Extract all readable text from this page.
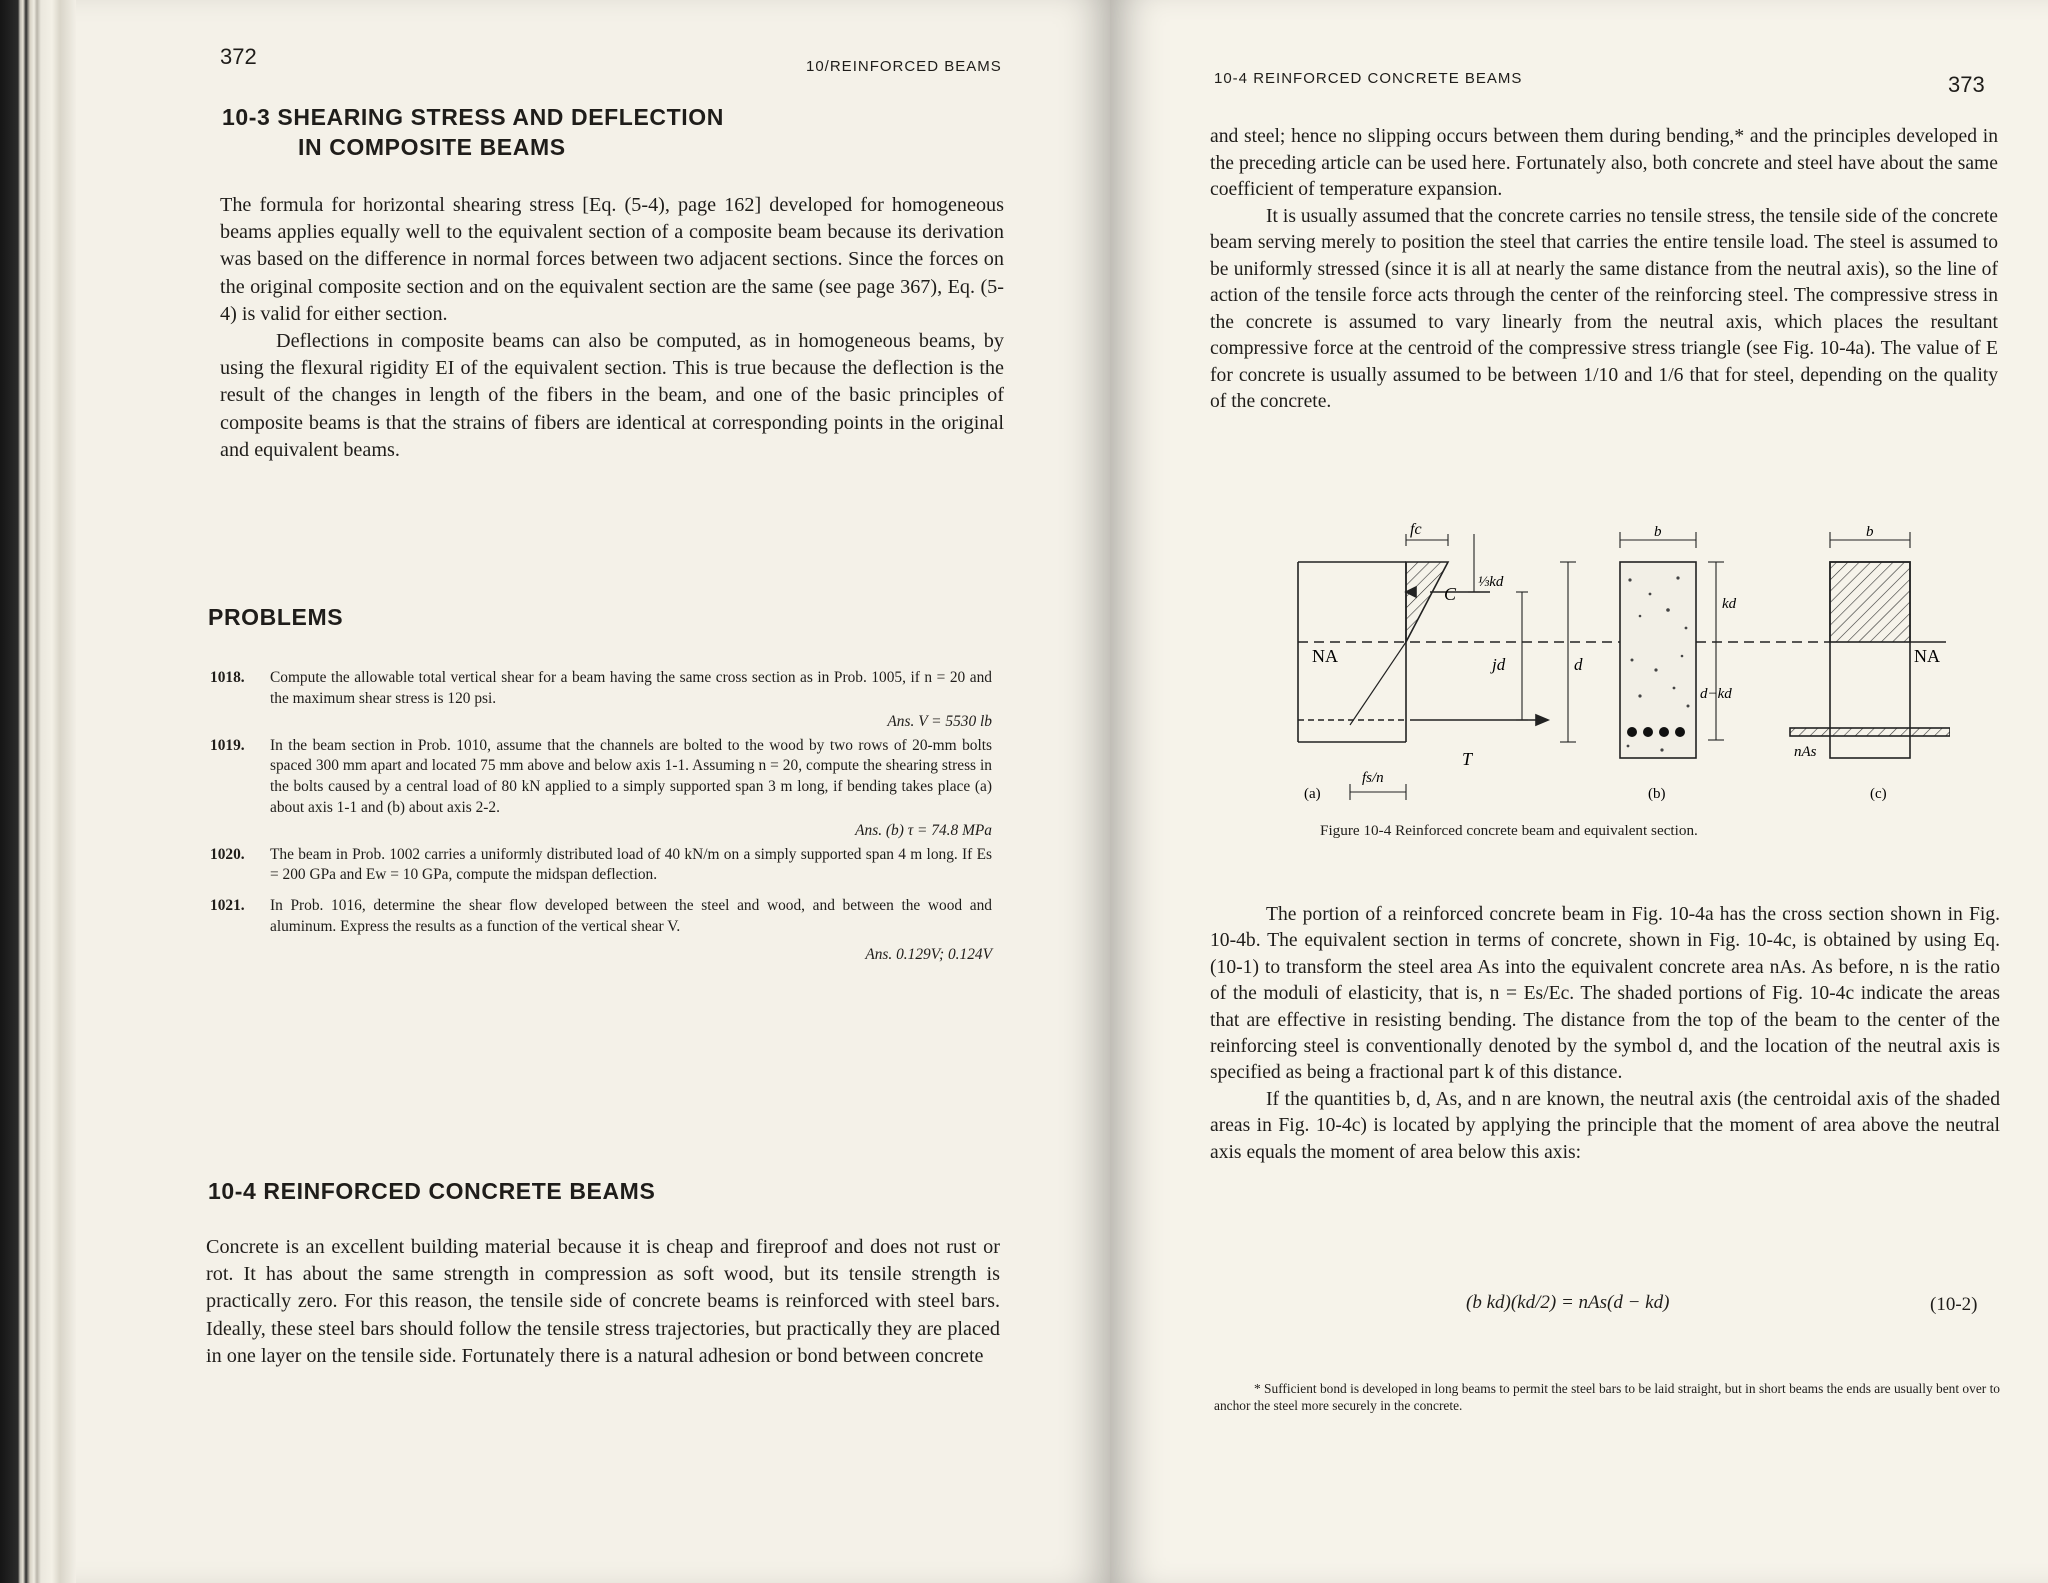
372	10/REINFORCED BEAMS
10-3 SHEARING STRESS AND DEFLECTION
IN COMPOSITE BEAMS

The formula for horizontal shearing stress [Eq. (5-4), page 162] developed for homogeneous beams applies equally well to the equivalent section of a composite beam because its derivation was based on the difference in normal forces between two adjacent sections. Since the forces on the original composite section and on the equivalent section are the same (see page 367), Eq. (5-4) is valid for either section.

Deflections in composite beams can also be computed, as in homogeneous beams, by using the flexural rigidity EI of the equivalent section. This is true because the deflection is the result of the changes in length of the fibers in the beam, and one of the basic principles of composite beams is that the strains of fibers are identical at corresponding points in the original and equivalent beams.

PROBLEMS
1018. Compute the allowable total vertical shear for a beam having the same cross section as in Prob. 1005, if n = 20 and the maximum shear stress is 120 psi.
Ans. V = 5530 lb
1019. In the beam section in Prob. 1010, assume that the channels are bolted to the wood by two rows of 20-mm bolts spaced 300 mm apart and located 75 mm above and below axis 1-1. Assuming n = 20, compute the shearing stress in the bolts caused by a central load of 80 kN applied to a simply supported span 3 m long, if bending takes place (a) about axis 1-1 and (b) about axis 2-2.
Ans. (b) τ = 74.8 MPa
1020. The beam in Prob. 1002 carries a uniformly distributed load of 40 kN/m on a simply supported span 4 m long. If Es = 200 GPa and Ew = 10 GPa, compute the midspan deflection.
1021. In Prob. 1016, determine the shear flow developed between the steel and wood, and between the wood and aluminum. Express the results as a function of the vertical shear V.
Ans. 0.129V; 0.124V
10-4 REINFORCED CONCRETE BEAMS

Concrete is an excellent building material because it is cheap and fireproof and does not rust or rot. It has about the same strength in compression as soft wood, but its tensile strength is practically zero. For this reason, the tensile side of concrete beams is reinforced with steel bars. Ideally, these steel bars should follow the tensile stress trajectories, but practically they are placed in one layer on the tensile side. Fortunately there is a natural adhesion or bond between concrete

10-4 REINFORCED CONCRETE BEAMS	373

and steel; hence no slipping occurs between them during bending,* and the principles developed in the preceding article can be used here. Fortunately also, both concrete and steel have about the same coefficient of temperature expansion.

It is usually assumed that the concrete carries no tensile stress, the tensile side of the concrete beam serving merely to position the steel that carries the entire tensile load. The steel is assumed to be uniformly stressed (since it is all at nearly the same distance from the neutral axis), so the line of action of the tensile force acts through the center of the reinforcing steel. The compressive stress in the concrete is assumed to vary linearly from the neutral axis, which places the resultant compressive force at the centroid of the compressive stress triangle (see Fig. 10-4a). The value of E for concrete is usually assumed to be between 1/10 and 1/6 that for steel, depending on the quality of the concrete.

fc
⅓kd
C
NA	jd	d
T
fs/n
(a)
b
kd
d−kd
(b)
b
NA
nAs
(c)
Figure 10-4 Reinforced concrete beam and equivalent section.

The portion of a reinforced concrete beam in Fig. 10-4a has the cross section shown in Fig. 10-4b. The equivalent section in terms of concrete, shown in Fig. 10-4c, is obtained by using Eq. (10-1) to transform the steel area As into the equivalent concrete area nAs. As before, n is the ratio of the moduli of elasticity, that is, n = Es/Ec. The shaded portions of Fig. 10-4c indicate the areas that are effective in resisting bending. The distance from the top of the beam to the center of the reinforcing steel is conventionally denoted by the symbol d, and the location of the neutral axis is specified as being a fractional part k of this distance.

If the quantities b, d, As, and n are known, the neutral axis (the centroidal axis of the shaded areas in Fig. 10-4c) is located by applying the principle that the moment of area above the neutral axis equals the moment of area below this axis:

(b kd)(kd/2) = nAs(d − kd)	(10-2)
* Sufficient bond is developed in long beams to permit the steel bars to be laid straight, but in short beams the ends are usually bent over to anchor the steel more securely in the concrete.
